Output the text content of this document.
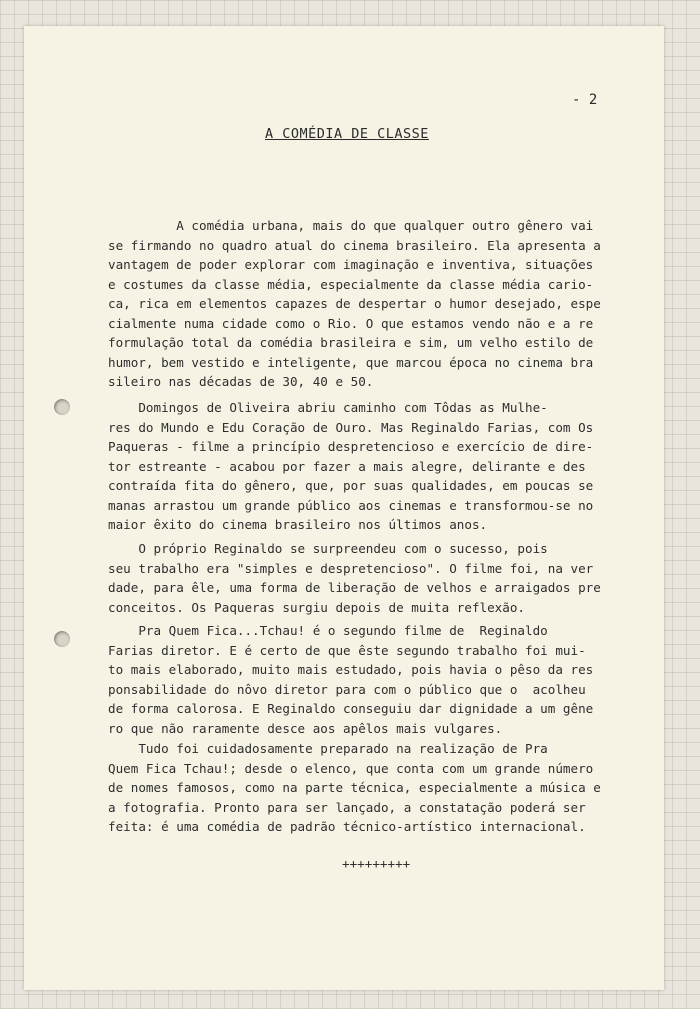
- 2

A COMÉDIA DE CLASSE
A comédia urbana, mais do que qualquer outro gênero vai
se firmando no quadro atual do cinema brasileiro. Ela apresenta a
vantagem de poder explorar com imaginação e inventiva, situações
e costumes da classe média, especialmente da classe média cario-
ca, rica em elementos capazes de despertar o humor desejado, espe
cialmente numa cidade como o Rio. O que estamos vendo não e a re
formulação total da comédia brasileira e sim, um velho estilo de
humor, bem vestido e inteligente, que marcou época no cinema bra
sileiro nas décadas de 30, 40 e 50.
Domingos de Oliveira abriu caminho com Tôdas as Mulhe-
res do Mundo e Edu Coração de Ouro. Mas Reginaldo Farias, com Os
Paqueras - filme a princípio despretencioso e exercício de dire-
tor estreante - acabou por fazer a mais alegre, delirante e des
contraída fita do gênero, que, por suas qualidades, em poucas se
manas arrastou um grande público aos cinemas e transformou-se no
maior êxito do cinema brasileiro nos últimos anos.
O próprio Reginaldo se surpreendeu com o sucesso, pois
seu trabalho era "simples e despretencioso". O filme foi, na ver
dade, para êle, uma forma de liberação de velhos e arraigados pre
conceitos. Os Paqueras surgiu depois de muita reflexão.
Pra Quem Fica...Tchau! é o segundo filme de  Reginaldo
Farias diretor. E é certo de que êste segundo trabalho foi mui-
to mais elaborado, muito mais estudado, pois havia o pêso da res
ponsabilidade do nôvo diretor para com o público que o  acolheu
de forma calorosa. E Reginaldo conseguiu dar dignidade a um gêne
ro que não raramente desce aos apêlos mais vulgares.
Tudo foi cuidadosamente preparado na realização de Pra
Quem Fica Tchau!; desde o elenco, que conta com um grande número
de nomes famosos, como na parte técnica, especialmente a música e
a fotografia. Pronto para ser lançado, a constatação poderá ser
feita: é uma comédia de padrão técnico-artístico internacional.

+++++++++
